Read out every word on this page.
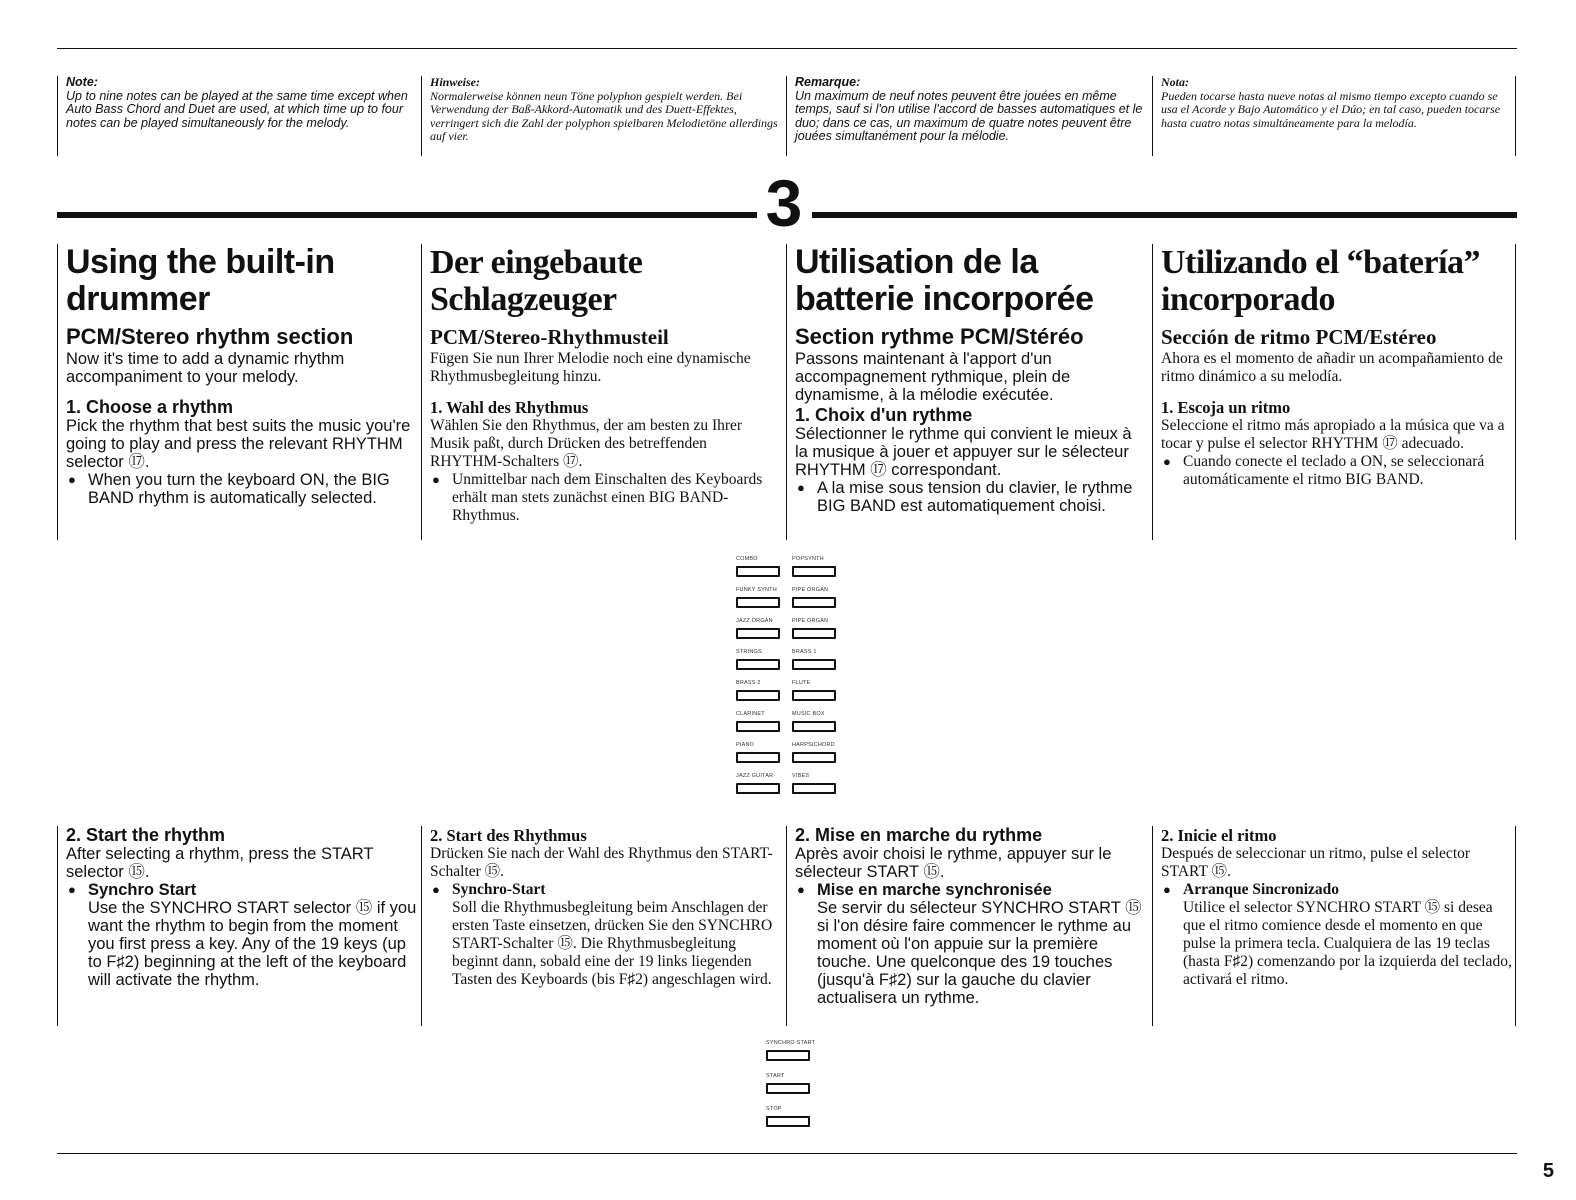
Note:
Up to nine notes can be played at the same time except when Auto Bass Chord and Duet are used, at which time up to four notes can be played simultaneously for the melody.
Hinweise:
Normalerweise können neun Töne polyphon gespielt werden. Bei Verwendung der Baß-Akkord-Automatik und des Duett-Effektes, verringert sich die Zahl der polyphon spielbaren Melodietöne allerdings auf vier.
Remarque:
Un maximum de neuf notes peuvent être jouées en même temps, sauf si l'on utilise l'accord de basses automatiques et le duo; dans ce cas, un maximum de quatre notes peuvent être jouées simultanément pour la mélodie.
Nota:
Pueden tocarse hasta nueve notas al mismo tiempo excepto cuando se usa el Acorde y Bajo Automático y el Dúo; en tal caso, pueden tocarse hasta cuatro notas simultáneamente para la melodía.
3
Using the built-in drummer
PCM/Stereo rhythm section
Now it's time to add a dynamic rhythm accompaniment to your melody.
1. Choose a rhythm
Pick the rhythm that best suits the music you're going to play and press the relevant RHYTHM selector ⑰.
● When you turn the keyboard ON, the BIG BAND rhythm is automatically selected.
Der eingebaute Schlagzeuger
PCM/Stereo-Rhythmusteil
Fügen Sie nun Ihrer Melodie noch eine dynamische Rhythmusbegleitung hinzu.
1. Wahl des Rhythmus
Wählen Sie den Rhythmus, der am besten zu Ihrer Musik paßt, durch Drücken des betreffenden RHYTHM-Schalters ⑰.
● Unmittelbar nach dem Einschalten des Keyboards erhält man stets zunächst einen BIG BAND-Rhythmus.
Utilisation de la batterie incorporée
Section rythme PCM/Stéréo
Passons maintenant à l'apport d'un accompagnement rythmique, plein de dynamisme, à la mélodie exécutée.
1. Choix d'un rythme
Sélectionner le rythme qui convient le mieux à la musique à jouer et appuyer sur le sélecteur RHYTHM ⑰ correspondant.
● A la mise sous tension du clavier, le rythme BIG BAND est automatiquement choisi.
Utilizando el “batería” incorporado
Sección de ritmo PCM/Estéreo
Ahora es el momento de añadir un acompañamiento de ritmo dinámico a su melodía.
1. Escoja un ritmo
Seleccione el ritmo más apropiado a la música que va a tocar y pulse el selector RHYTHM ⑰ adecuado.
● Cuando conecte el teclado a ON, se seleccionará automáticamente el ritmo BIG BAND.
COMBO	POPSYNTH
FUNKY SYNTH	PIPE ORGAN
JAZZ ORGAN	PIPE ORGAN
STRINGS	BRASS 1
BRASS 2	FLUTE
CLARINET	MUSIC BOX
PIANO	HARPSICHORD
JAZZ GUITAR	VIBES
2. Start the rhythm
After selecting a rhythm, press the START selector ⑮.
● Synchro Start
Use the SYNCHRO START selector ⑮ if you want the rhythm to begin from the moment you first press a key. Any of the 19 keys (up to F♯2) beginning at the left of the keyboard will activate the rhythm.
2. Start des Rhythmus
Drücken Sie nach der Wahl des Rhythmus den START-Schalter ⑮.
● Synchro-Start
Soll die Rhythmusbegleitung beim Anschlagen der ersten Taste einsetzen, drücken Sie den SYNCHRO START-Schalter ⑮. Die Rhythmusbegleitung beginnt dann, sobald eine der 19 links liegenden Tasten des Keyboards (bis F♯2) angeschlagen wird.
2. Mise en marche du rythme
Après avoir choisi le rythme, appuyer sur le sélecteur START ⑮.
● Mise en marche synchronisée
Se servir du sélecteur SYNCHRO START ⑮ si l'on désire faire commencer le rythme au moment où l'on appuie sur la première touche. Une quelconque des 19 touches (jusqu'à F♯2) sur la gauche du clavier actualisera un rythme.
2. Inicie el ritmo
Después de seleccionar un ritmo, pulse el selector START ⑮.
● Arranque Sincronizado
Utilice el selector SYNCHRO START ⑮ si desea que el ritmo comience desde el momento en que pulse la primera tecla. Cualquiera de las 19 teclas (hasta F♯2) comenzando por la izquierda del teclado, activará el ritmo.
SYNCHRO START
START
STOP
5
